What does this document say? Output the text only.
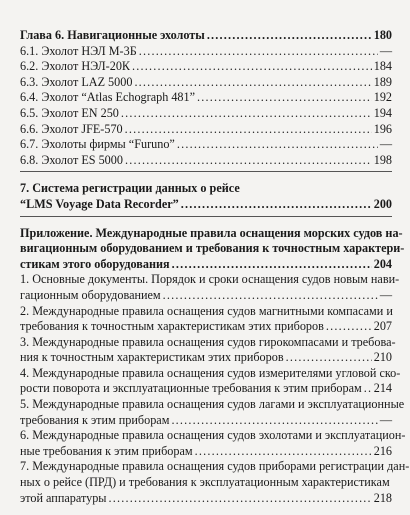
Глава 6. Навигационные эхолоты .....	180
6.1. Эхолот НЭЛ М-3Б .....	—
6.2. Эхолот НЭЛ-20К .....	184
6.3. Эхолот LAZ 5000 .....	189
6.4. Эхолот “Atlas Echograph 481” .....	192
6.5. Эхолот EN 250 .....	194
6.6. Эхолот JFE-570 .....	196
6.7. Эхолоты фирмы “Furuno” .....	—
6.8. Эхолот ES 5000 .....	198
7. Система регистрации данных о рейсе
“LMS Voyage Data Recorder” .....	200
Приложение. Международные правила оснащения морских судов на-
вигационным оборудованием и требования к точностным характери-
стикам этого оборудования .....	204
1. Основные документы. Порядок и сроки оснащения судов новым нави-
гационным оборудованием .....	—
2. Международные правила оснащения судов магнитными компасами и
требования к точностным характеристикам этих приборов .....	207
3. Международные правила оснащения судов гирокомпасами и требова-
ния к точностным характеристикам этих приборов .....	210
4. Международные правила оснащения судов измерителями угловой ско-
рости поворота и эксплуатационные требования к этим приборам ..... 214
5. Международные правила оснащения судов лагами и эксплуатационные
требования к этим приборам .....	—
6. Международные правила оснащения судов эхолотами и эксплуатацион-
ные требования к этим приборам .....	216
7. Международные правила оснащения судов приборами регистрации дан-
ных о рейсе (ПРД) и требования к эксплуатационным характеристикам
этой аппаратуры .....	218
